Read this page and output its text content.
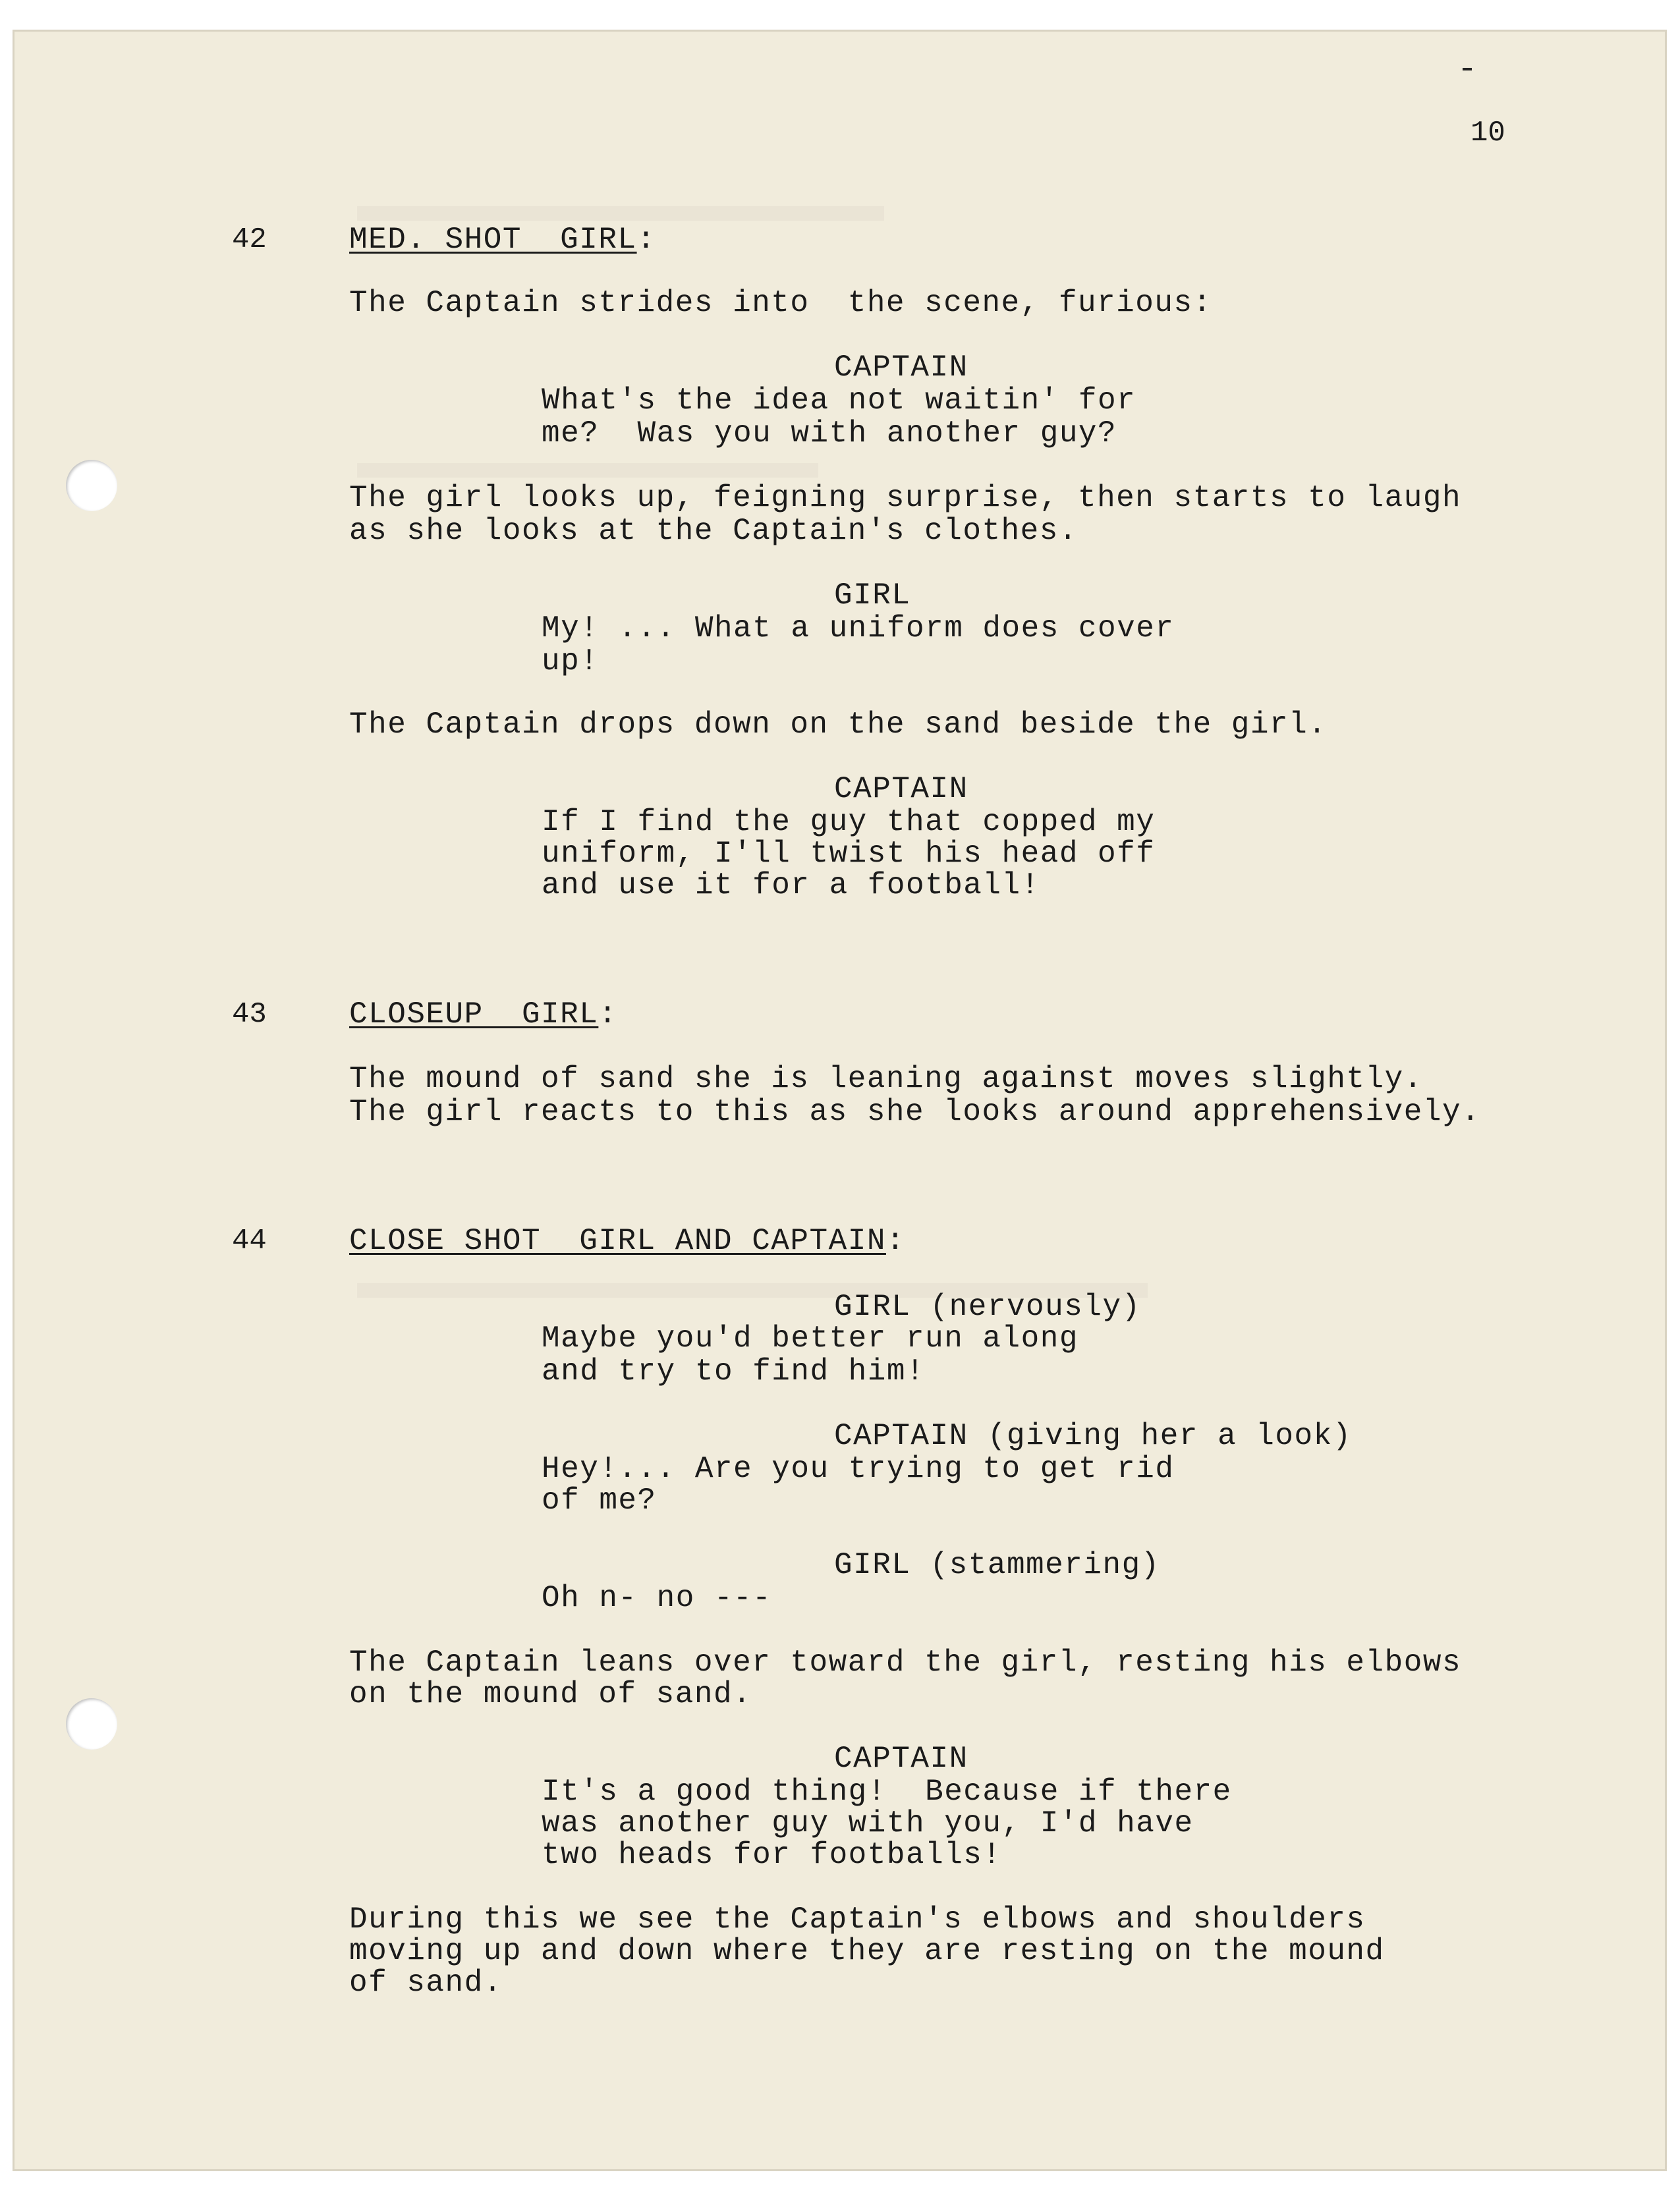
10
42	MED. SHOT  GIRL:
The Captain strides into  the scene, furious:
CAPTAIN
What's the idea not waitin' for
me?  Was you with another guy?
The girl looks up, feigning surprise, then starts to laugh
as she looks at the Captain's clothes.
GIRL
My! ... What a uniform does cover
up!
The Captain drops down on the sand beside the girl.
CAPTAIN
If I find the guy that copped my
uniform, I'll twist his head off
and use it for a football!
43	CLOSEUP  GIRL:
The mound of sand she is leaning against moves slightly.
The girl reacts to this as she looks around apprehensively.
44	CLOSE SHOT  GIRL AND CAPTAIN:
GIRL (nervously)
Maybe you'd better run along
and try to find him!
CAPTAIN (giving her a look)
Hey!... Are you trying to get rid
of me?
GIRL (stammering)
Oh n- no ---
The Captain leans over toward the girl, resting his elbows
on the mound of sand.
CAPTAIN
It's a good thing!  Because if there
was another guy with you, I'd have
two heads for footballs!
During this we see the Captain's elbows and shoulders
moving up and down where they are resting on the mound
of sand.
